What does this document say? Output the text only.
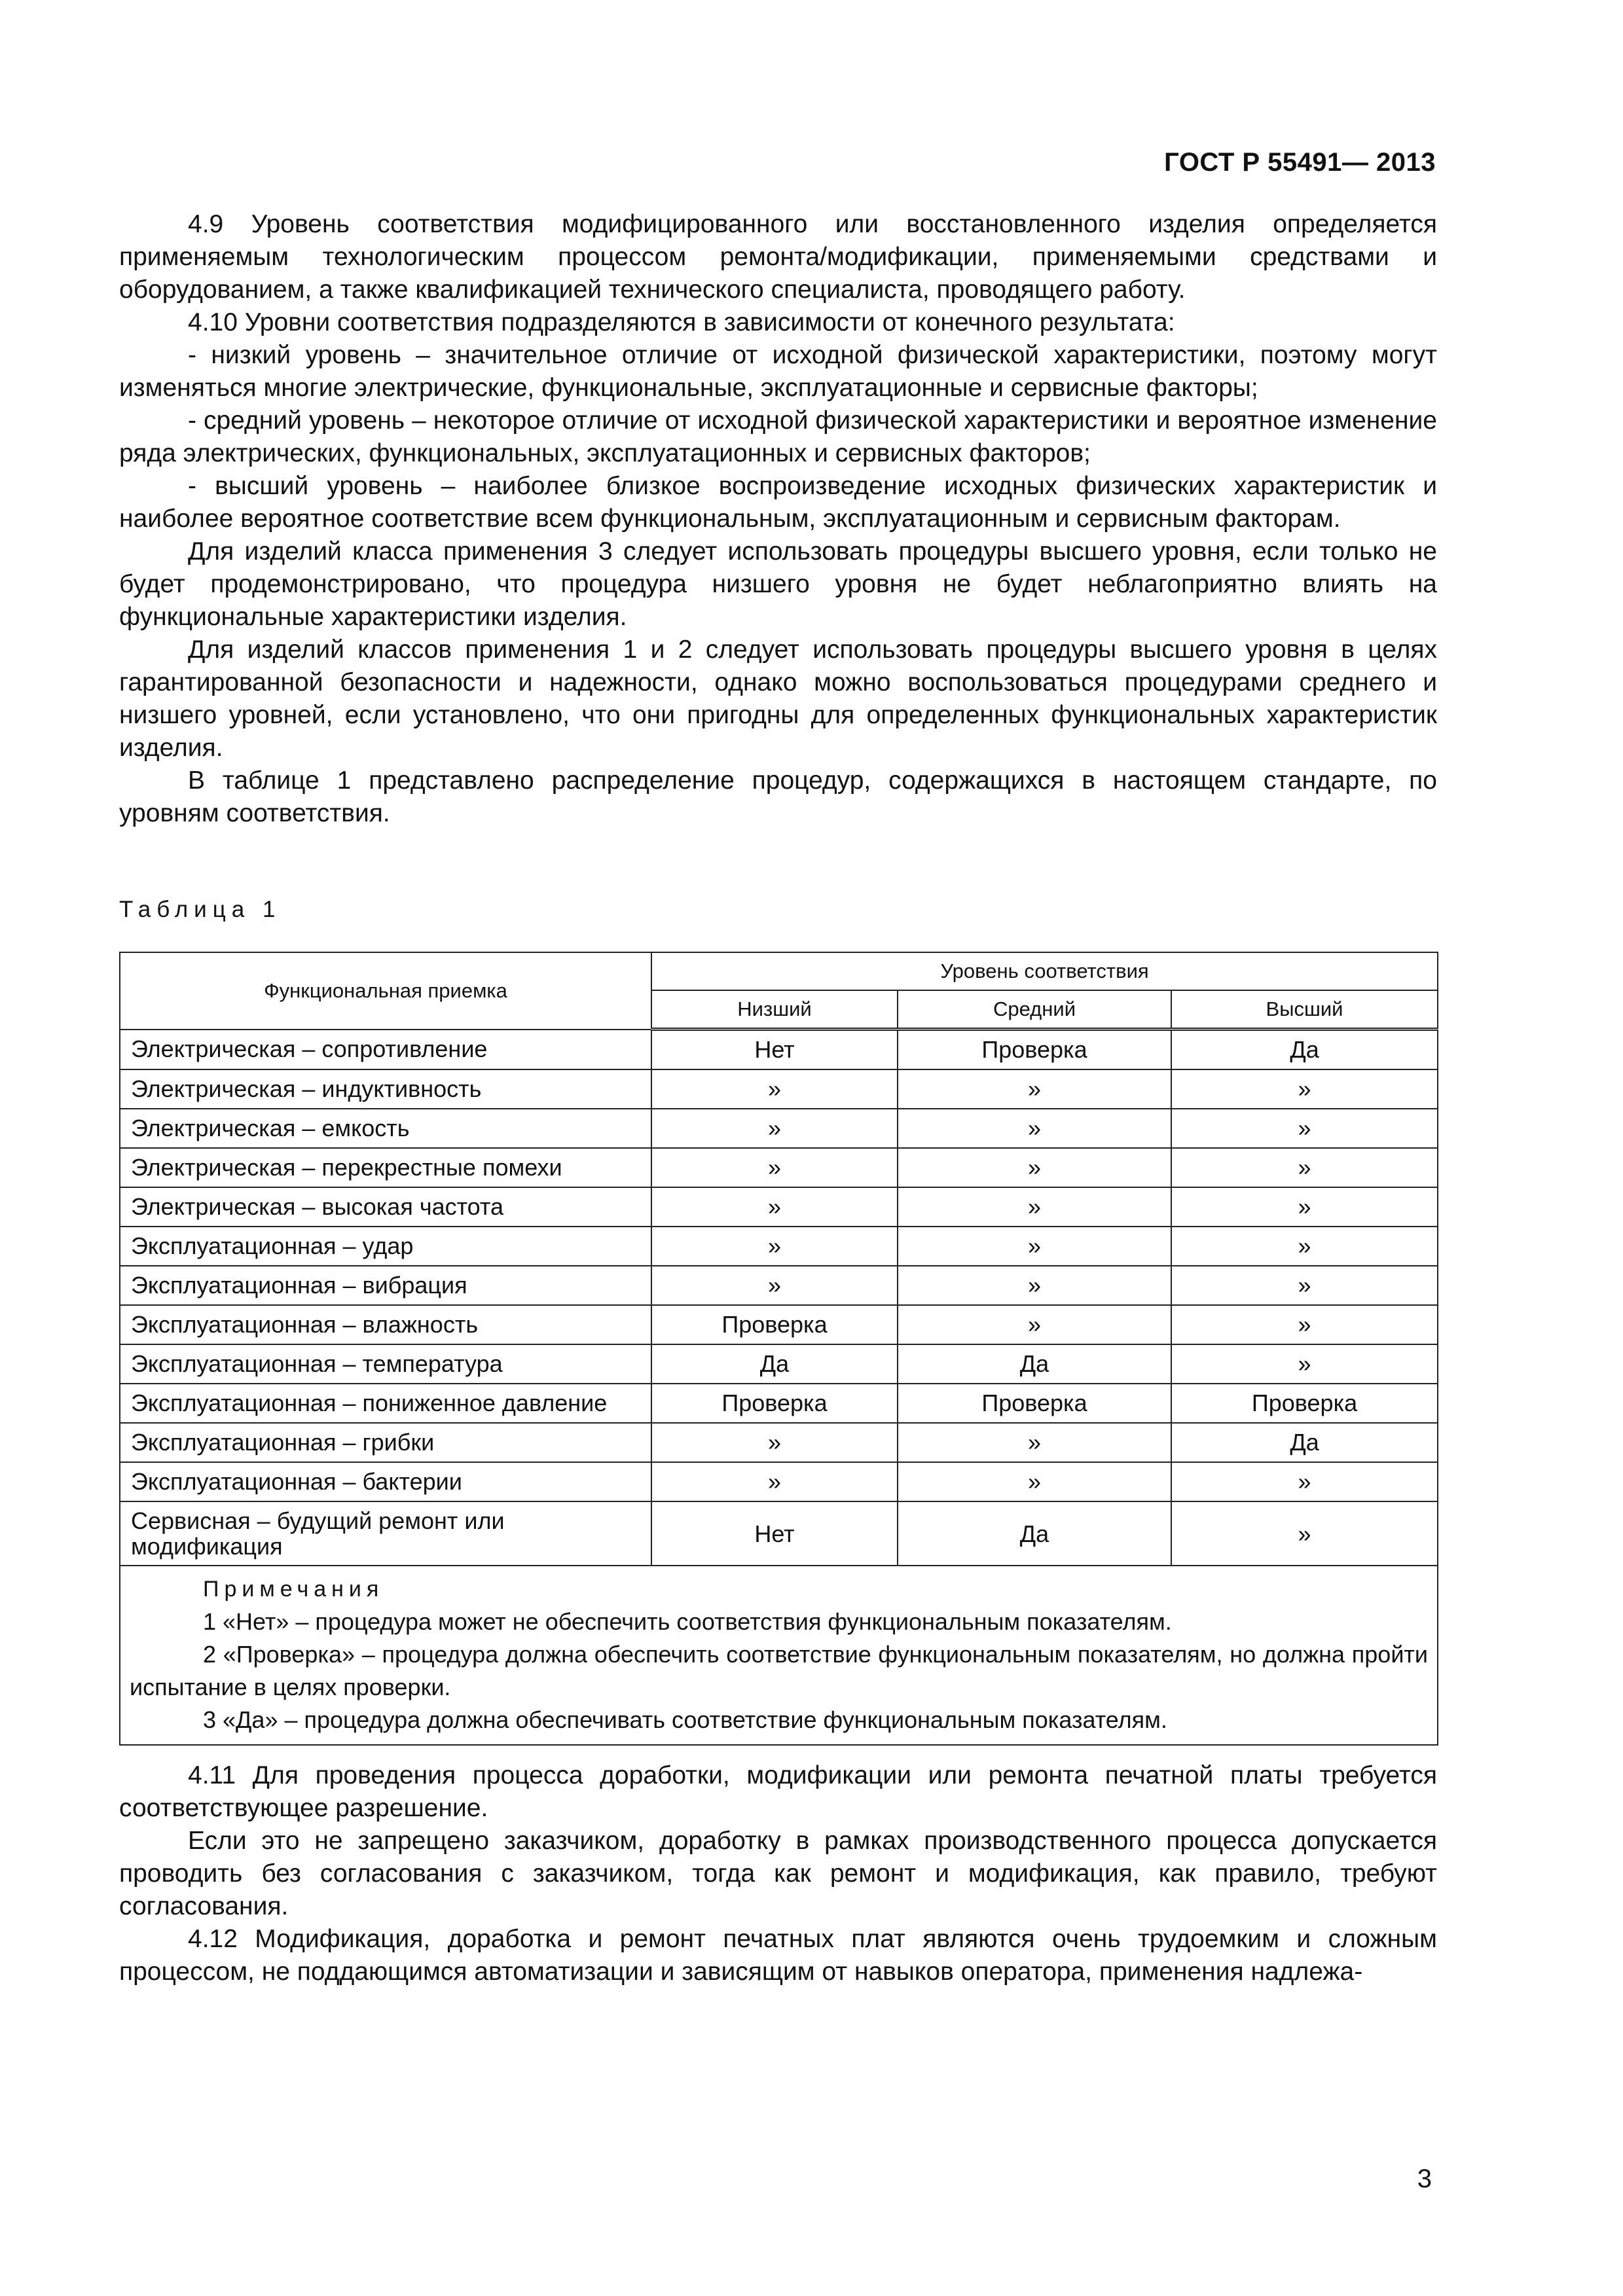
ГОСТ Р 55491— 2013

4.9 Уровень соответствия модифицированного или восстановленного изделия определяется применяемым технологическим процессом ремонта/модификации, применяемыми средствами и оборудованием, а также квалификацией технического специалиста, проводящего работу.

4.10 Уровни соответствия подразделяются в зависимости от конечного результата:

- низкий уровень – значительное отличие от исходной физической характеристики, поэтому могут изменяться многие электрические, функциональные, эксплуатационные и сервисные факторы;

- средний уровень – некоторое отличие от исходной физической характеристики и вероятное изменение ряда электрических, функциональных, эксплуатационных и сервисных факторов;

- высший уровень – наиболее близкое воспроизведение исходных физических характеристик и наиболее вероятное соответствие всем функциональным, эксплуатационным и сервисным факторам.

Для изделий класса применения 3 следует использовать процедуры высшего уровня, если только не будет продемонстрировано, что процедура низшего уровня не будет неблагоприятно влиять на функциональные характеристики изделия.

Для изделий классов применения 1 и 2 следует использовать процедуры высшего уровня в целях гарантированной безопасности и надежности, однако можно воспользоваться процедурами среднего и низшего уровней, если установлено, что они пригодны для определенных функциональных характеристик изделия.

В таблице 1 представлено распределение процедур, содержащихся в настоящем стандарте, по уровням соответствия.

Таблица 1
Функциональная приемка	Уровень соответствия		
	Низший	Средний	Высший
Электрическая – сопротивление	Нет	Проверка	Да
Электрическая – индуктивность	»	»	»
Электрическая – емкость	»	»	»
Электрическая – перекрестные помехи	»	»	»
Электрическая – высокая частота	»	»	»
Эксплуатационная – удар	»	»	»
Эксплуатационная – вибрация	»	»	»
Эксплуатационная – влажность	Проверка	»	»
Эксплуатационная – температура	Да	Да	»
Эксплуатационная – пониженное давление	Проверка	Проверка	Проверка
Эксплуатационная – грибки	»	»	Да
Эксплуатационная – бактерии	»	»	»
Сервисная – будущий ремонт или модификация	Нет	Да	»

Примечания
1 «Нет» – процедура может не обеспечить соответствия функциональным показателям.
2 «Проверка» – процедура должна обеспечить соответствие функциональным показателям, но должна пройти испытание в целях проверки.
3 «Да» – процедура должна обеспечивать соответствие функциональным показателям.			

4.11 Для проведения процесса доработки, модификации или ремонта печатной платы требуется соответствующее разрешение.

Если это не запрещено заказчиком, доработку в рамках производственного процесса допускается проводить без согласования с заказчиком, тогда как ремонт и модификация, как правило, требуют согласования.

4.12 Модификация, доработка и ремонт печатных плат являются очень трудоемким и сложным процессом, не поддающимся автоматизации и зависящим от навыков оператора, применения надлежа-

3
